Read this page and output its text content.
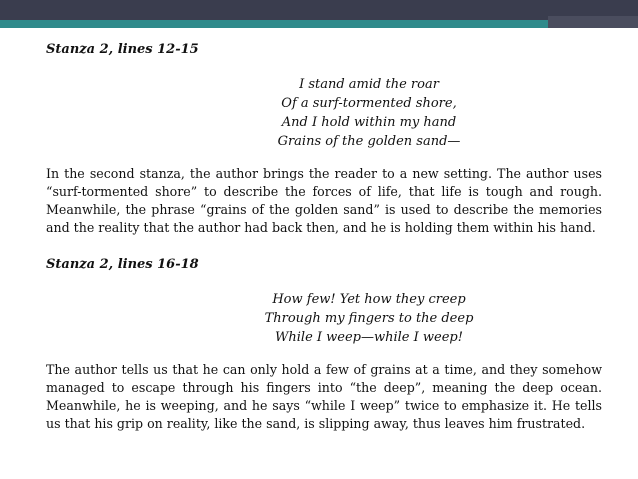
Stanza 2, lines 12-15

I stand amid the roar
Of a surf-tormented shore,
And I hold within my hand
Grains of the golden sand—

In the second stanza, the author brings the reader to a new setting. The author uses “surf-tormented shore” to describe the forces of life, that life is tough and rough. Meanwhile, the phrase “grains of the golden sand” is used to describe the memories and the reality that the author had back then, and he is holding them within his hand.

Stanza 2, lines 16-18

How few! Yet how they creep
Through my fingers to the deep
While I weep—while I weep!

The author tells us that he can only hold a few of grains at a time, and they somehow managed to escape through his fingers into “the deep”, meaning the deep ocean. Meanwhile, he is weeping, and he says “while I weep” twice to emphasize it. He tells us that his grip on reality, like the sand, is slipping away, thus leaves him frustrated.
